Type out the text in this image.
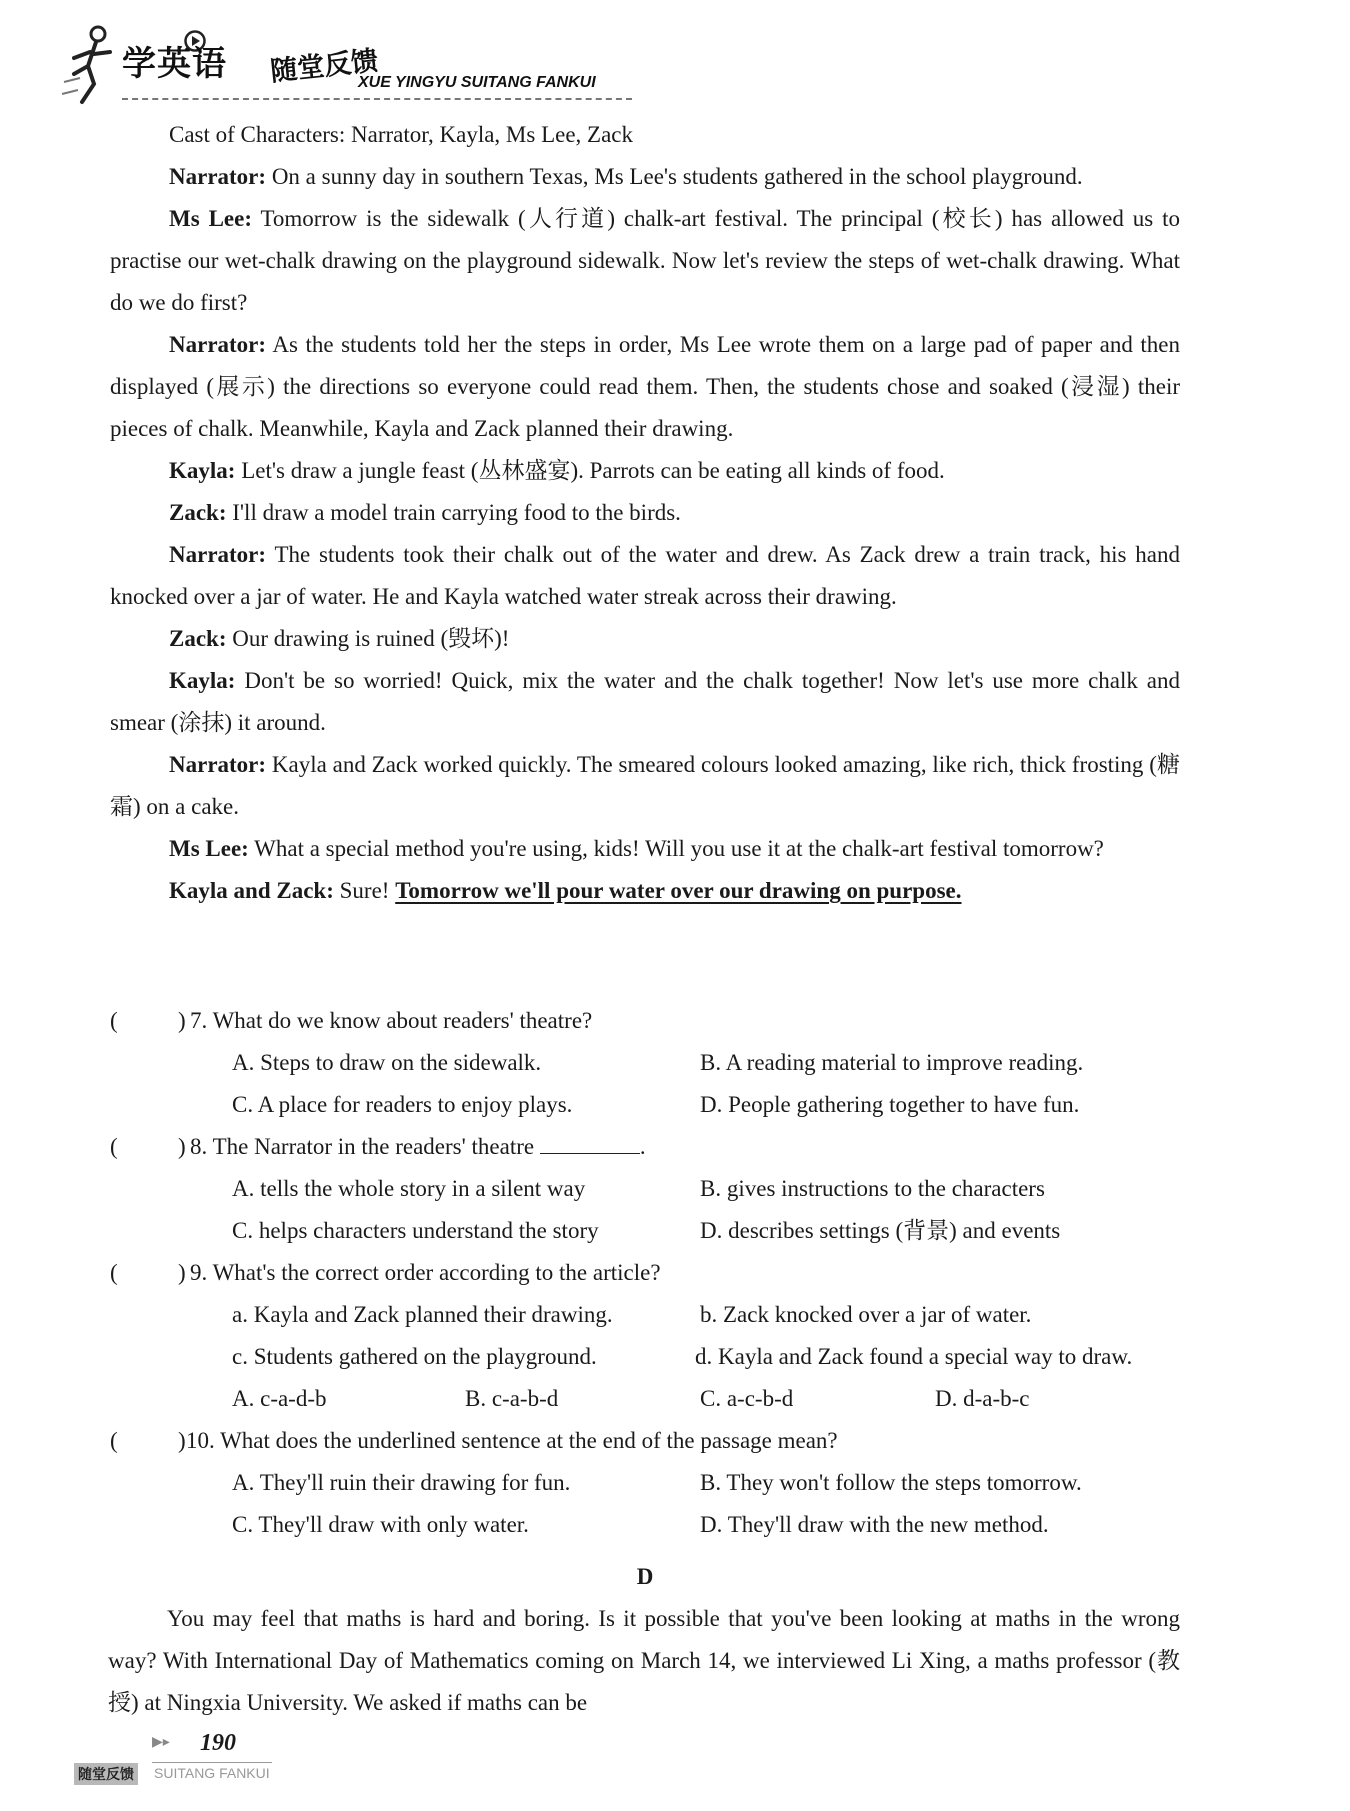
学英语 随堂反馈
XUE YINGYU SUITANG FANKUI

Cast of Characters: Narrator, Kayla, Ms Lee, Zack

Narrator: On a sunny day in southern Texas, Ms Lee's students gathered in the school playground.

Ms Lee: Tomorrow is the sidewalk (人行道) chalk-art festival. The principal (校长) has allowed us to practise our wet-chalk drawing on the playground sidewalk. Now let's review the steps of wet-chalk drawing. What do we do first?

Narrator: As the students told her the steps in order, Ms Lee wrote them on a large pad of paper and then displayed (展示) the directions so everyone could read them. Then, the students chose and soaked (浸湿) their pieces of chalk. Meanwhile, Kayla and Zack planned their drawing.

Kayla: Let's draw a jungle feast (丛林盛宴). Parrots can be eating all kinds of food.

Zack: I'll draw a model train carrying food to the birds.

Narrator: The students took their chalk out of the water and drew. As Zack drew a train track, his hand knocked over a jar of water. He and Kayla watched water streak across their drawing.

Zack: Our drawing is ruined (毁坏)!

Kayla: Don't be so worried! Quick, mix the water and the chalk together! Now let's use more chalk and smear (涂抹) it around.

Narrator: Kayla and Zack worked quickly. The smeared colours looked amazing, like rich, thick frosting (糖霜) on a cake.

Ms Lee: What a special method you're using, kids! Will you use it at the chalk-art festival tomorrow?

Kayla and Zack: Sure! Tomorrow we'll pour water over our drawing on purpose.

(	) 7. What do we know about readers' theatre?
A. Steps to draw on the sidewalk.	B. A reading material to improve reading.
C. A place for readers to enjoy plays.	D. People gathering together to have fun.
(	) 8. The Narrator in the readers' theatre	.
A. tells the whole story in a silent way	B. gives instructions to the characters
C. helps characters understand the story	D. describes settings (背景) and events
(	) 9. What's the correct order according to the article?
a. Kayla and Zack planned their drawing.	b. Zack knocked over a jar of water.
c. Students gathered on the playground.	d. Kayla and Zack found a special way to draw.
A. c-a-d-b	B. c-a-b-d	C. a-c-b-d	D. d-a-b-c
(	) 10. What does the underlined sentence at the end of the passage mean?
A. They'll ruin their drawing for fun.	B. They won't follow the steps tomorrow.
C. They'll draw with only water.	D. They'll draw with the new method.
D

You may feel that maths is hard and boring. Is it possible that you've been looking at maths in the wrong way? With International Day of Mathematics coming on March 14, we interviewed Li Xing, a maths professor (教授) at Ningxia University. We asked if maths can be

▶▸ 190
随堂反馈 SUITANG FANKUI
